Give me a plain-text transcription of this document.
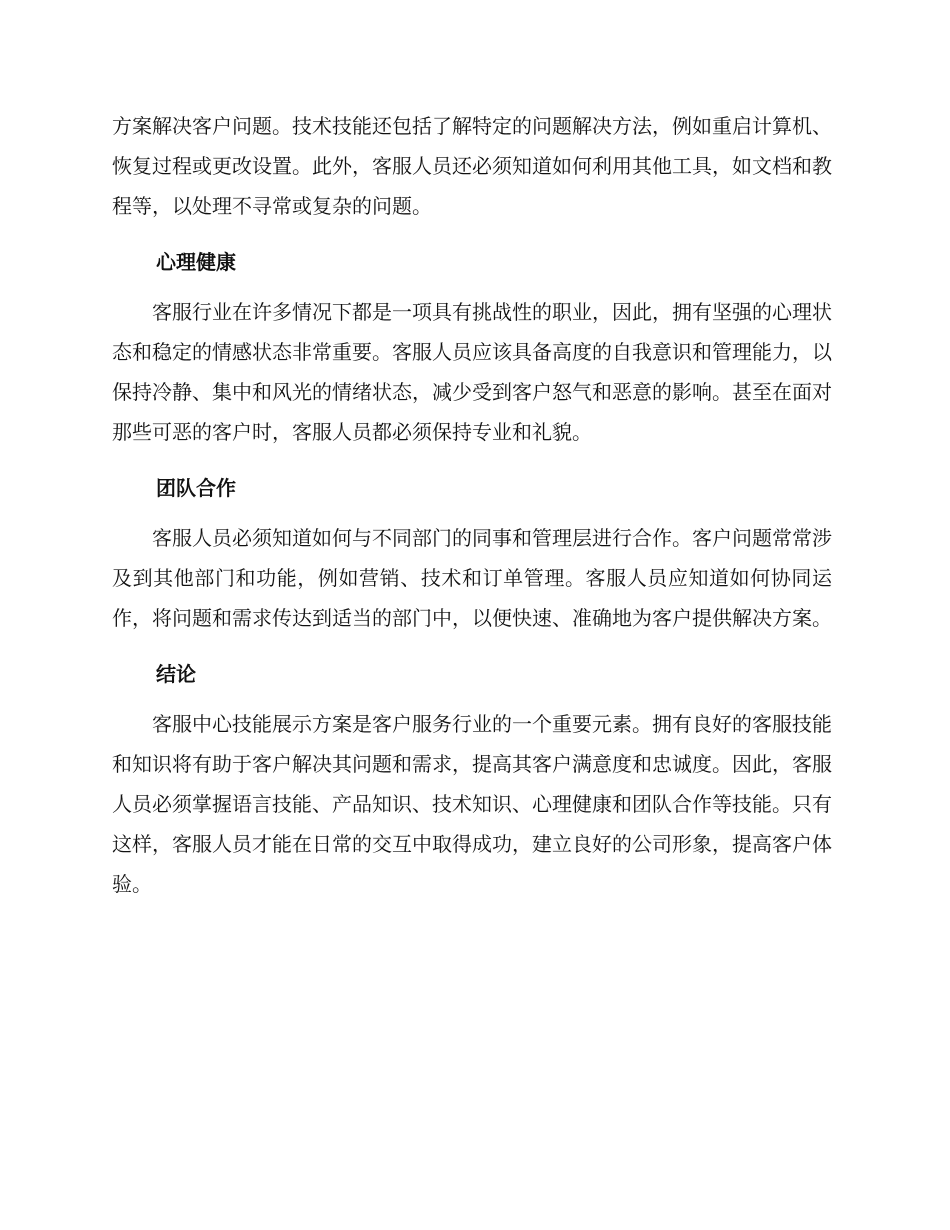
方案解决客户问题。技术技能还包括了解特定的问题解决方法，例如重启计算机、恢复过程或更改设置。此外，客服人员还必须知道如何利用其他工具，如文档和教程等，以处理不寻常或复杂的问题。

心理健康

客服行业在许多情况下都是一项具有挑战性的职业，因此，拥有坚强的心理状态和稳定的情感状态非常重要。客服人员应该具备高度的自我意识和管理能力，以保持冷静、集中和风光的情绪状态，减少受到客户怒气和恶意的影响。甚至在面对那些可恶的客户时，客服人员都必须保持专业和礼貌。

团队合作

客服人员必须知道如何与不同部门的同事和管理层进行合作。客户问题常常涉及到其他部门和功能，例如营销、技术和订单管理。客服人员应知道如何协同运作，将问题和需求传达到适当的部门中，以便快速、准确地为客户提供解决方案。

结论

客服中心技能展示方案是客户服务行业的一个重要元素。拥有良好的客服技能和知识将有助于客户解决其问题和需求，提高其客户满意度和忠诚度。因此，客服人员必须掌握语言技能、产品知识、技术知识、心理健康和团队合作等技能。只有这样，客服人员才能在日常的交互中取得成功，建立良好的公司形象，提高客户体验。
